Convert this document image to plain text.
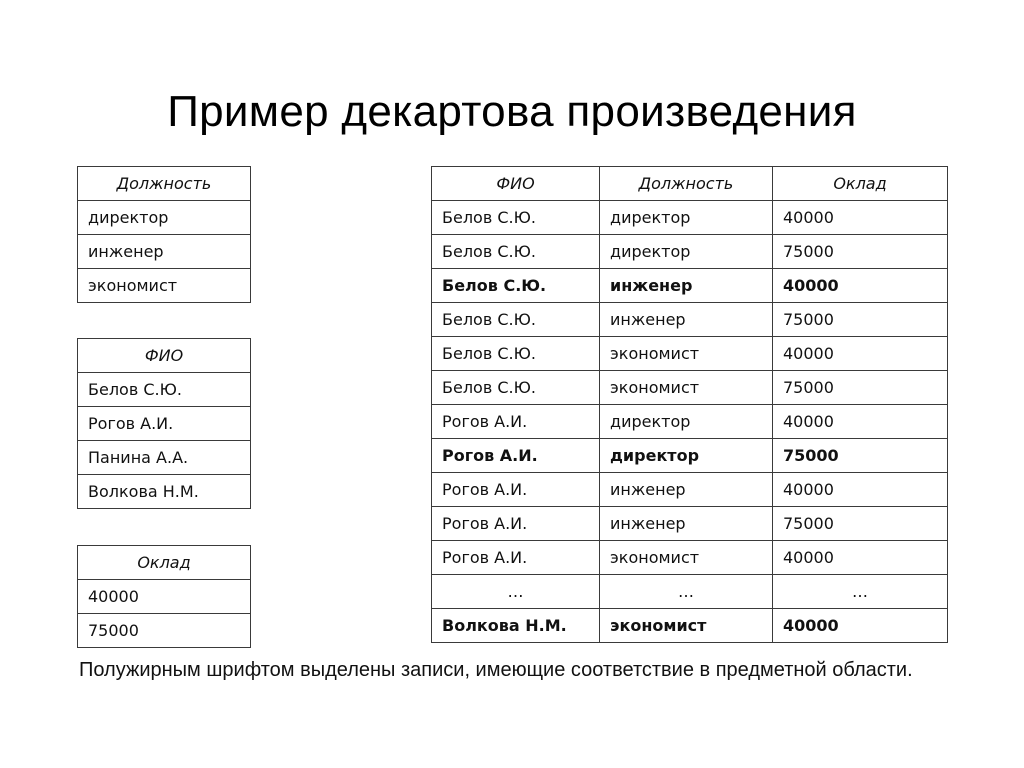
Пример декартова произведения
Должность
директор
инженер
экономист
ФИО
Белов С.Ю.
Рогов А.И.
Панина А.А.
Волкова Н.М.
Оклад
40000
75000
ФИО	Должность	Оклад
Белов С.Ю.	директор	40000
Белов С.Ю.	директор	75000
Белов С.Ю.	инженер	40000
Белов С.Ю.	инженер	75000
Белов С.Ю.	экономист	40000
Белов С.Ю.	экономист	75000
Рогов А.И.	директор	40000
Рогов А.И.	директор	75000
Рогов А.И.	инженер	40000
Рогов А.И.	инженер	75000
Рогов А.И.	экономист	40000
…	…	…
Волкова Н.М.	экономист	40000
Полужирным шрифтом выделены записи, имеющие соответствие в предметной области.
